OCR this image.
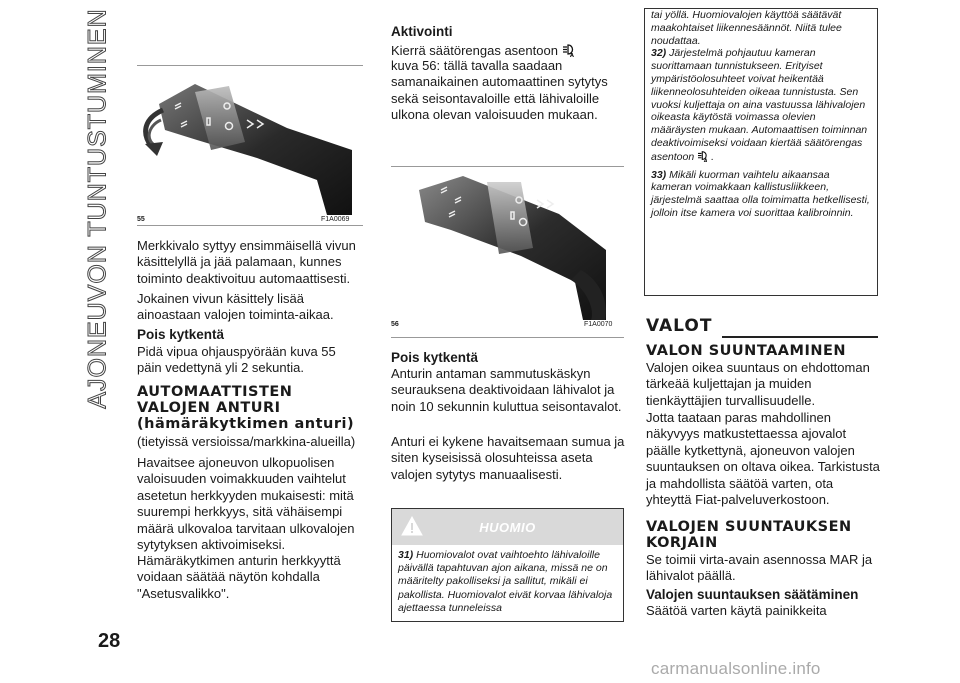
AJONEUVON TUNTUSTUMINEN	55	F1A0069

Merkkivalo syttyy ensimmäisellä vivun käsittelyllä ja jää palamaan, kunnes toiminto deaktivoituu automaattisesti.

Jokainen vivun käsittely lisää ainoastaan valojen toiminta-aikaa.

Pois kytkentä

Pidä vipua ohjauspyörään kuva 55 päin vedettynä yli 2 sekuntia.

AUTOMAATTISTEN VALOJEN ANTURI (hämäräkytkimen anturi)

(tietyissä versioissa/markkina-alueilla)

Havaitsee ajoneuvon ulkopuolisen valoisuuden voimakkuuden vaihtelut asetetun herkkyyden mukaisesti: mitä suurempi herkkyys, sitä vähäisempi määrä ulkovaloa tarvitaan ulkovalojen sytytyksen aktivoimiseksi.

Hämäräkytkimen anturin herkkyyttä voidaan säätää näytön kohdalla "Asetusvalikko".

28
Aktivointi
Kierrä säätörengas asentoon A

kuva 56: tällä tavalla saadaan samanaikainen automaattinen sytytys sekä seisontavaloille että lähivaloille ulkona olevan valoisuuden mukaan.

56	F1A0070
Pois kytkentä

Anturin antaman sammutuskäskyn seurauksena deaktivoidaan lähivalot ja noin 10 sekunnin kuluttua seisontavalot.

Anturi ei kykene havaitsemaan sumua ja siten kyseisissä olosuhteissa aseta valojen sytytys manuaalisesti.

HUOMIO
31) Huomiovalot ovat vaihtoehto lähivaloille päivällä tapahtuvan ajon aikana, missä ne on määritelty pakolliseksi ja sallitut, mikäli ei pakollista. Huomiovalot eivät korvaa lähivaloja ajettaessa tunneleissa

tai yöllä. Huomiovalojen käyttöä säätävät maakohtaiset liikennesäännöt. Niitä tulee noudattaa.

32) Järjestelmä pohjautuu kameran suorittamaan tunnistukseen. Erityiset ympäristöolosuhteet voivat heikentää liikenneolosuhteiden oikeaa tunnistusta. Sen vuoksi kuljettaja on aina vastuussa lähivalojen oikeasta käytöstä voimassa olevien määräysten mukaan. Automaattisen toiminnan deaktivoimiseksi voidaan kiertää säätörengas asentoon A .

33) Mikäli kuorman vaihtelu aikaansaa kameran voimakkaan kallistusliikkeen, järjestelmä saattaa olla toimimatta hetkellisesti, jolloin itse kamera voi suorittaa kalibroinnin.

VALOT
VALON SUUNTAAMINEN

Valojen oikea suuntaus on ehdottoman tärkeää kuljettajan ja muiden tienkäyttäjien turvallisuudelle.

Jotta taataan paras mahdollinen näkyvyys matkustettaessa ajovalot päälle kytkettynä, ajoneuvon valojen suuntauksen on oltava oikea. Tarkistusta ja mahdollista säätöä varten, ota yhteyttä Fiat-palveluverkostoon.

VALOJEN SUUNTAUKSEN KORJAIN

Se toimii virta-avain asennossa MAR ja lähivalot päällä.

Valojen suuntauksen säätäminen

Säätöä varten käytä painikkeita

carmanualsonline.info
